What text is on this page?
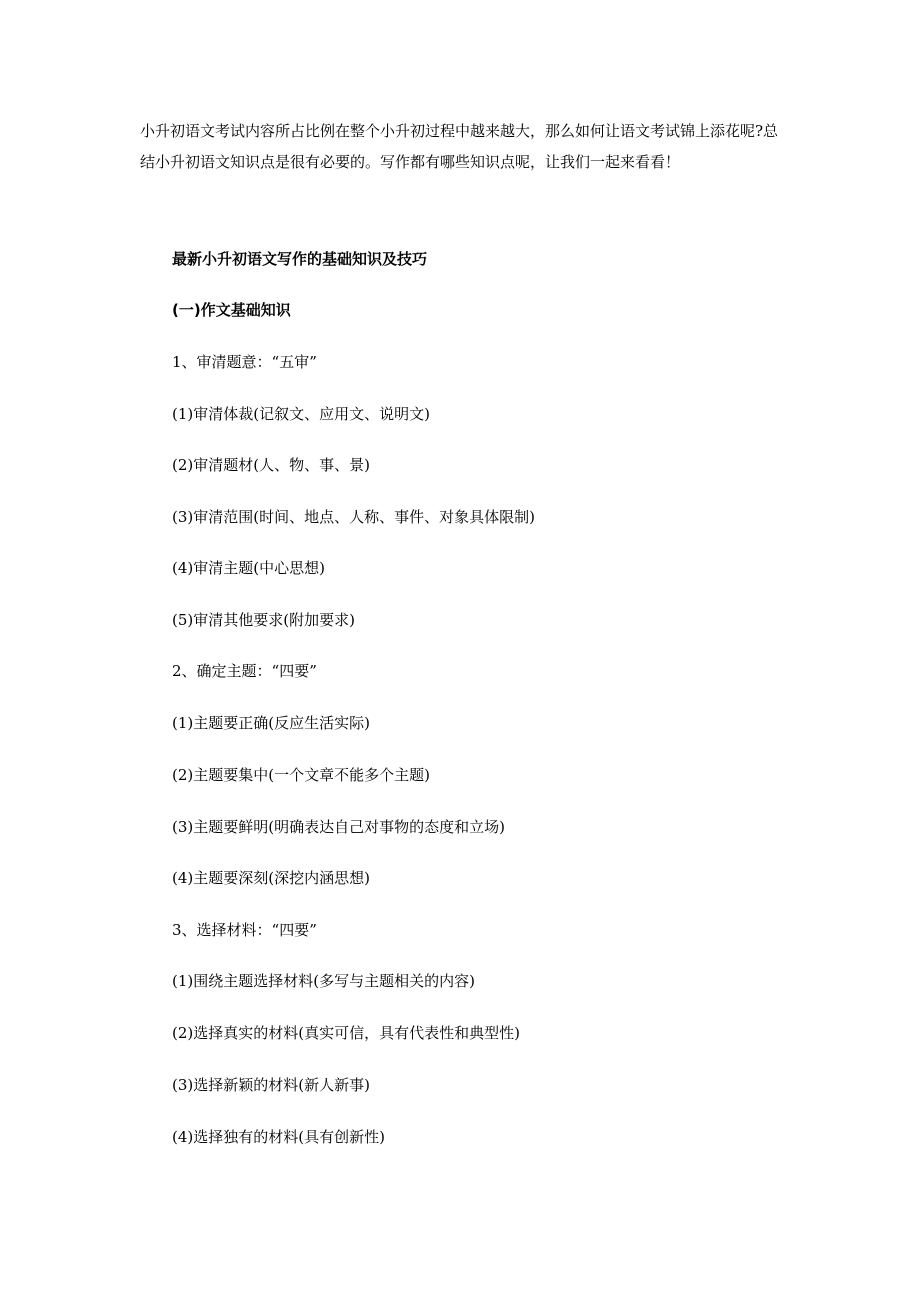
小升初语文考试内容所占比例在整个小升初过程中越来越大，那么如何让语文考试锦上添花呢?总结小升初语文知识点是很有必要的。写作都有哪些知识点呢，让我们一起来看看！

最新小升初语文写作的基础知识及技巧

(一)作文基础知识

1、审清题意：“五审”

(1)审清体裁(记叙文、应用文、说明文)

(2)审清题材(人、物、事、景)

(3)审清范围(时间、地点、人称、事件、对象具体限制)

(4)审清主题(中心思想)

(5)审清其他要求(附加要求)

2、确定主题：“四要”

(1)主题要正确(反应生活实际)

(2)主题要集中(一个文章不能多个主题)

(3)主题要鲜明(明确表达自己对事物的态度和立场)

(4)主题要深刻(深挖内涵思想)

3、选择材料：“四要”

(1)围绕主题选择材料(多写与主题相关的内容)

(2)选择真实的材料(真实可信，具有代表性和典型性)

(3)选择新颖的材料(新人新事)

(4)选择独有的材料(具有创新性)
